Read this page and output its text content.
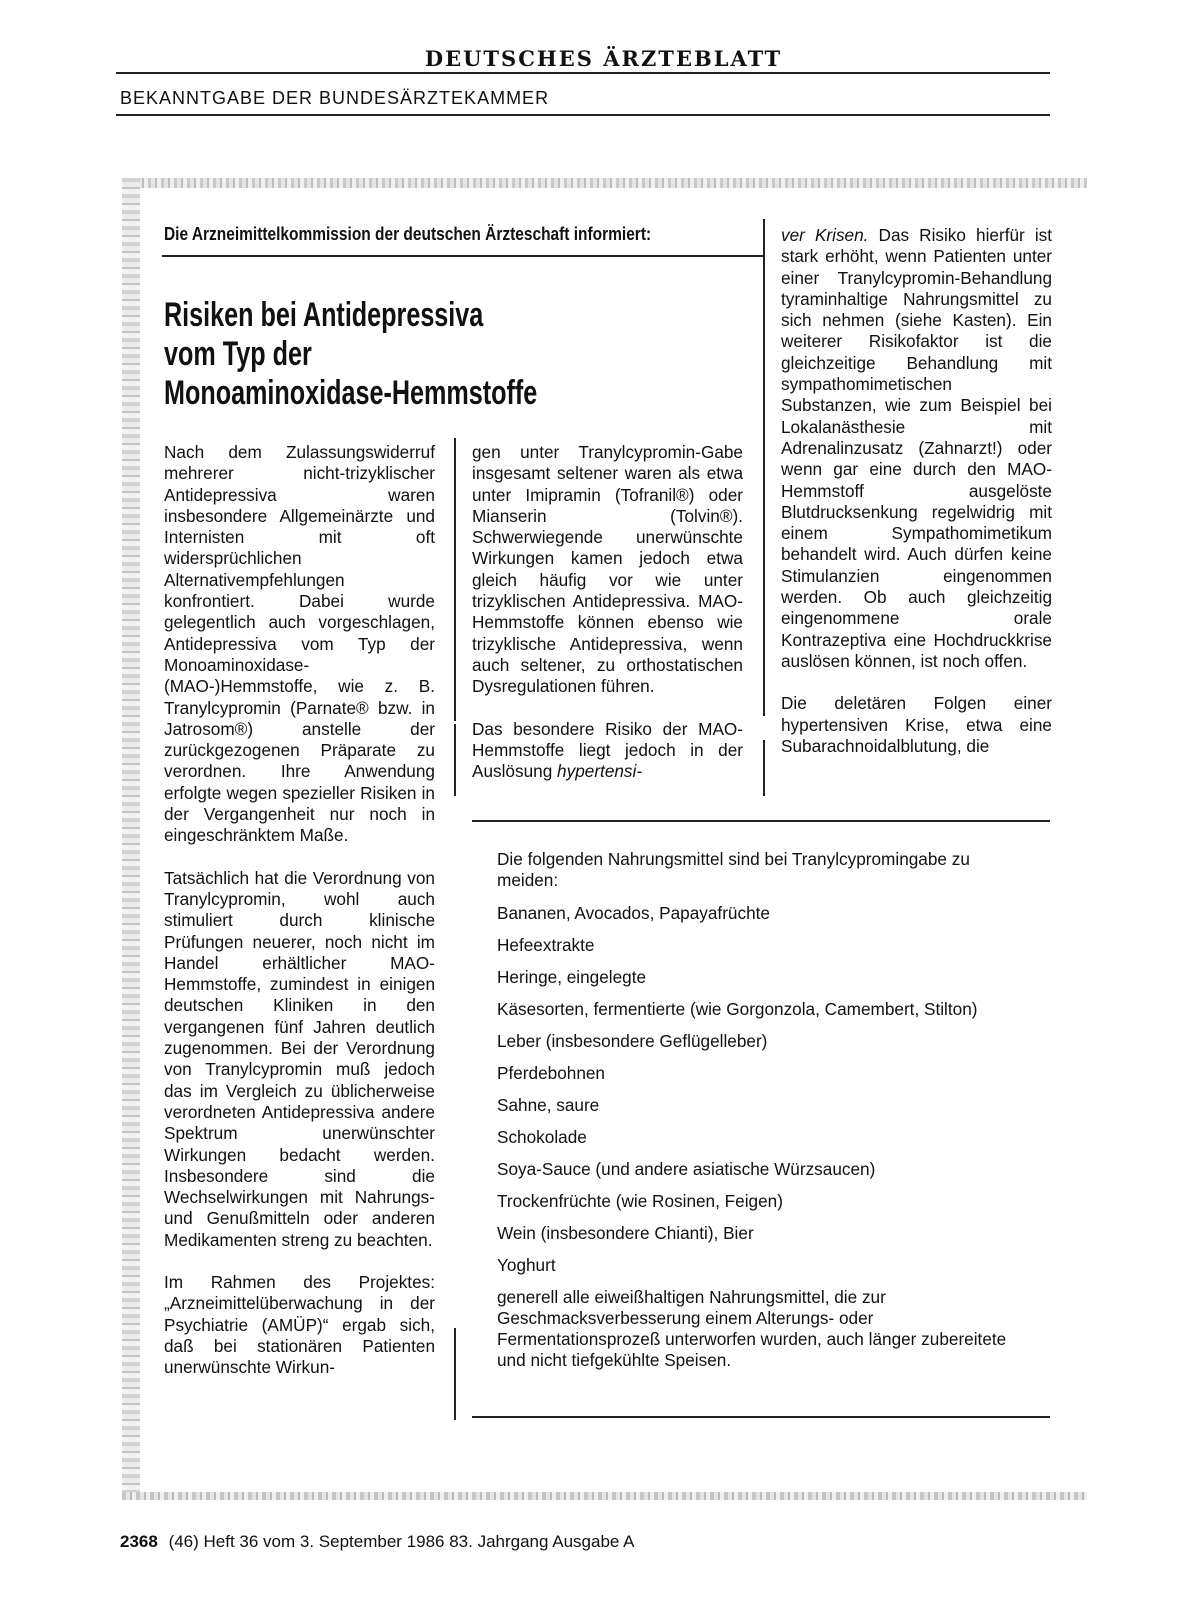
DEUTSCHES ÄRZTEBLATT
BEKANNTGABE DER BUNDESÄRZTEKAMMER
Die Arzneimittelkommission der deutschen Ärzteschaft informiert:
Risiken bei Antidepressiva
vom Typ der
Monoaminoxidase-Hemmstoffe

Nach dem Zulassungswiderruf mehrerer nicht-trizyklischer Antidepressiva waren insbesondere Allgemeinärzte und Internisten mit oft widersprüchlichen Alternativempfehlungen konfrontiert. Dabei wurde gelegentlich auch vorgeschlagen, Antidepressiva vom Typ der Monoaminoxidase-(MAO-)Hemmstoffe, wie z. B. Tranylcypromin (Parnate® bzw. in Jatrosom®) anstelle der zurückgezogenen Präparate zu verordnen. Ihre Anwendung erfolgte wegen spezieller Risiken in der Vergangenheit nur noch in eingeschränktem Maße.

Tatsächlich hat die Verordnung von Tranylcypromin, wohl auch stimuliert durch klinische Prüfungen neuerer, noch nicht im Handel erhältlicher MAO-Hemmstoffe, zumindest in einigen deutschen Kliniken in den vergangenen fünf Jahren deutlich zugenommen. Bei der Verordnung von Tranylcypromin muß jedoch das im Vergleich zu üblicherweise verordneten Antidepressiva andere Spektrum unerwünschter Wirkungen bedacht werden. Insbesondere sind die Wechselwirkungen mit Nahrungs- und Genußmitteln oder anderen Medikamenten streng zu beachten.

Im Rahmen des Projektes: „Arzneimittelüberwachung in der Psychiatrie (AMÜP)“ ergab sich, daß bei stationären Patienten unerwünschte Wirkun-

gen unter Tranylcypromin-Gabe insgesamt seltener waren als etwa unter Imipramin (Tofranil®) oder Mianserin (Tolvin®). Schwerwiegende unerwünschte Wirkungen kamen jedoch etwa gleich häufig vor wie unter trizyklischen Antidepressiva. MAO-Hemmstoffe können ebenso wie trizyklische Antidepressiva, wenn auch seltener, zu orthostatischen Dysregulationen führen.

Das besondere Risiko der MAO-Hemmstoffe liegt jedoch in der Auslösung hypertensi-

ver Krisen. Das Risiko hierfür ist stark erhöht, wenn Patienten unter einer Tranylcypromin-Behandlung tyraminhaltige Nahrungsmittel zu sich nehmen (siehe Kasten). Ein weiterer Risikofaktor ist die gleichzeitige Behandlung mit sympathomimetischen Substanzen, wie zum Beispiel bei Lokalanästhesie mit Adrenalinzusatz (Zahnarzt!) oder wenn gar eine durch den MAO-Hemmstoff ausgelöste Blutdrucksenkung regelwidrig mit einem Sympathomimetikum behandelt wird. Auch dürfen keine Stimulanzien eingenommen werden. Ob auch gleichzeitig eingenommene orale Kontrazeptiva eine Hochdruckkrise auslösen können, ist noch offen.

Die deletären Folgen einer hypertensiven Krise, etwa eine Subarachnoidalblutung, die

Die folgenden Nahrungsmittel sind bei Tranylcypromingabe zu meiden:

Bananen, Avocados, Papayafrüchte
Hefeextrakte
Heringe, eingelegte
Käsesorten, fermentierte (wie Gorgonzola, Camembert, Stilton)
Leber (insbesondere Geflügelleber)
Pferdebohnen
Sahne, saure
Schokolade
Soya-Sauce (und andere asiatische Würzsaucen)
Trockenfrüchte (wie Rosinen, Feigen)
Wein (insbesondere Chianti), Bier
Yoghurt

generell alle eiweißhaltigen Nahrungsmittel, die zur Geschmacksverbesserung einem Alterungs- oder Fermentationsprozeß unterworfen wurden, auch länger zubereitete und nicht tiefgekühlte Speisen.

2368 (46) Heft 36 vom 3. September 1986 83. Jahrgang Ausgabe A
